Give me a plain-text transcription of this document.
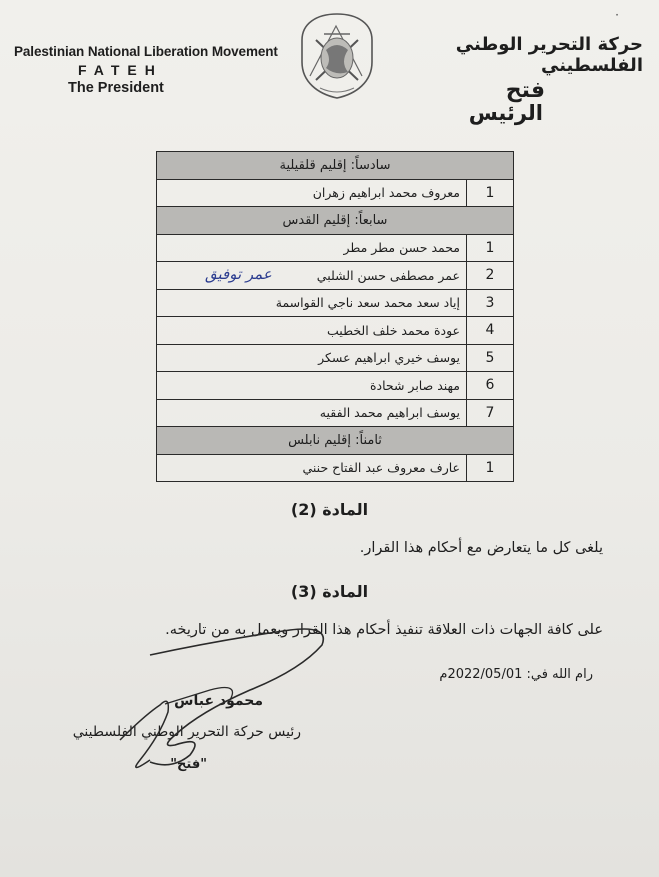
Palestinian National Liberation Movement
FATEH
The President
حركة التحرير الوطني الفلسطيني
فتح
الرئيس
سادساً: إقليم قلقيلية	
1	معروف محمد ابراهيم زهران
سابعاً: إقليم القدس	
1	محمد حسن مطر مطر
2	عمر مصطفى حسن الشلبي
عمر توفيق

3	إياد سعد محمد سعد ناجي القواسمة
4	عودة محمد خلف الخطيب
5	يوسف خيري ابراهيم عسكر
6	مهند صابر شحادة
7	يوسف ابراهيم محمد الفقيه
ثامناً: إقليم نابلس	
1	عارف معروف عبد الفتاح حنني
المادة (2)
يلغى كل ما يتعارض مع أحكام هذا القرار.
المادة (3)
على كافة الجهات ذات العلاقة تنفيذ أحكام هذا القرار ويعمل به من تاريخه.
رام الله في: 2022/05/01م
محمود عباس
رئيس حركة التحرير الوطني الفلسطيني
"فتح"
·
